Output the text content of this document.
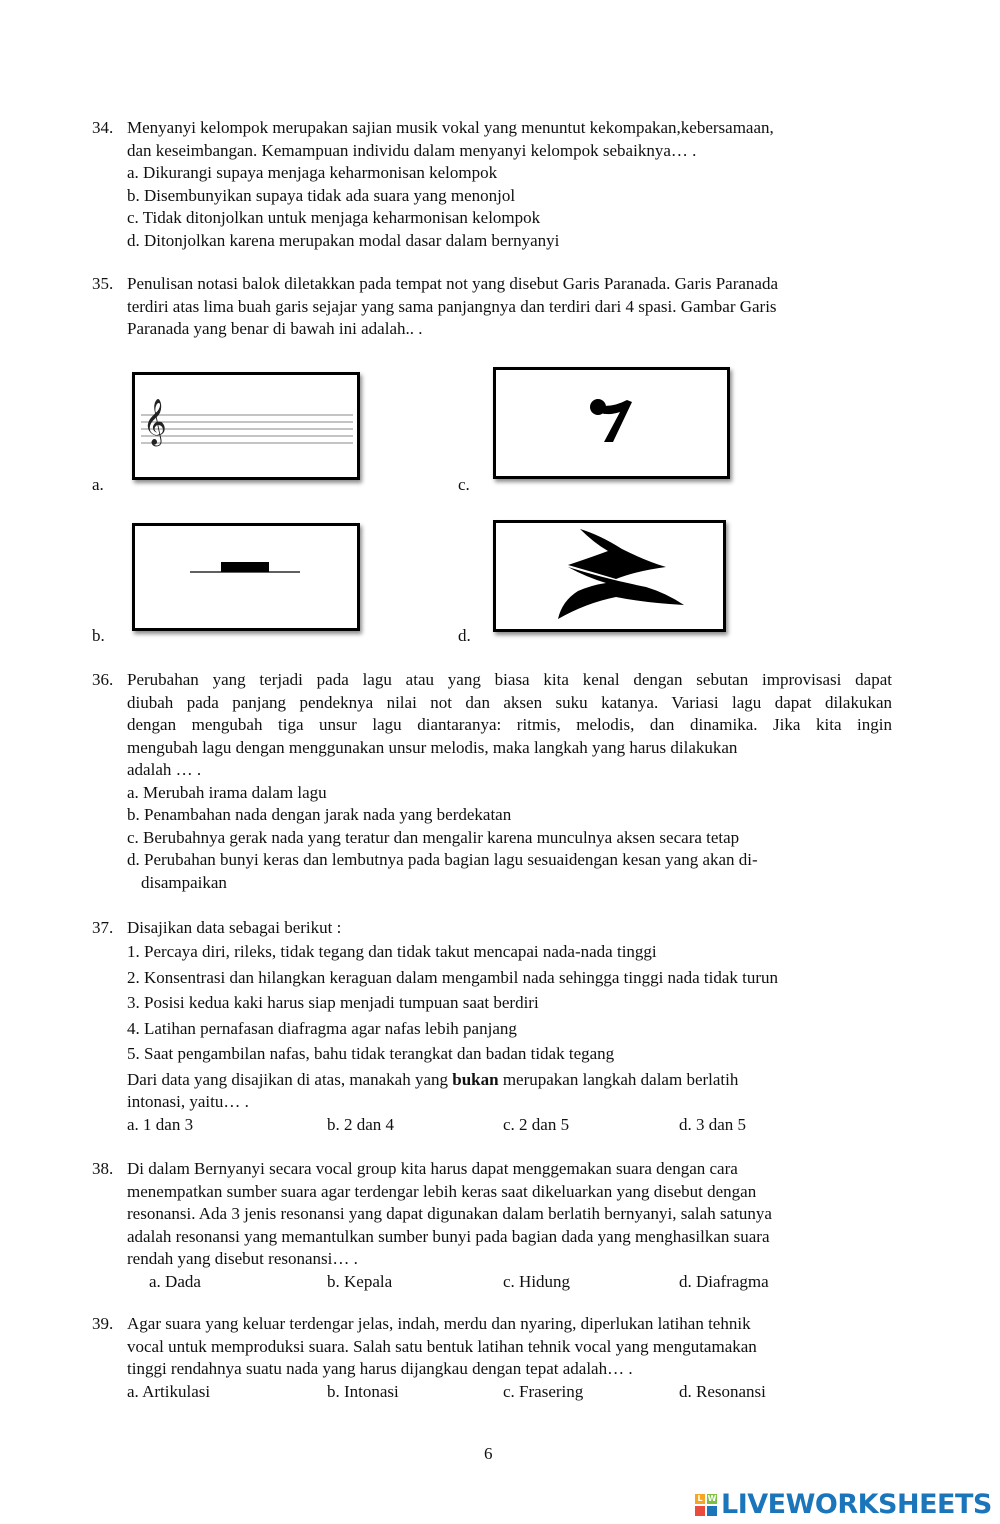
34. Menyanyi kelompok merupakan sajian musik vokal yang menuntut kekompakan,kebersamaan,
dan keseimbangan. Kemampuan individu dalam menyanyi kelompok sebaiknya… .
a. Dikurangi supaya menjaga keharmonisan kelompok
b. Disembunyikan supaya tidak ada suara yang menonjol
c. Tidak ditonjolkan untuk menjaga keharmonisan kelompok
d. Ditonjolkan karena merupakan modal dasar dalam bernyanyi
35. Penulisan notasi balok diletakkan pada tempat not yang disebut Garis Paranada. Garis Paranada
terdiri atas lima buah garis sejajar yang sama panjangnya dan terdiri dari 4 spasi. Gambar Garis
Paranada yang benar di bawah ini adalah.. .
a.
𝄞
b.
c.
d.
36. Perubahan yang terjadi pada lagu atau yang biasa kita kenal dengan sebutan improvisasi dapat
diubah pada panjang pendeknya nilai not dan aksen suku katanya. Variasi lagu dapat dilakukan
dengan mengubah tiga unsur lagu diantaranya: ritmis, melodis, dan dinamika. Jika kita ingin
mengubah lagu dengan menggunakan unsur melodis, maka langkah yang harus dilakukan
adalah … .
a. Merubah irama dalam lagu
b. Penambahan nada dengan jarak nada yang berdekatan
c. Berubahnya gerak nada yang teratur dan mengalir karena munculnya aksen secara tetap
d. Perubahan bunyi keras dan lembutnya pada bagian lagu sesuaidengan kesan yang akan di-
disampaikan
37. Disajikan data sebagai berikut :
1. Percaya diri, rileks, tidak tegang dan tidak takut mencapai nada-nada tinggi
2. Konsentrasi dan hilangkan keraguan dalam mengambil nada sehingga tinggi nada tidak turun
3. Posisi kedua kaki harus siap menjadi tumpuan saat berdiri
4. Latihan pernafasan diafragma agar nafas lebih panjang
5. Saat pengambilan nafas, bahu tidak terangkat dan badan tidak tegang
Dari data yang disajikan di atas, manakah yang bukan merupakan langkah dalam berlatih
intonasi, yaitu… .
a. 1 dan 3	b. 2 dan 4	c. 2 dan 5	d. 3 dan 5
38. Di dalam Bernyanyi secara vocal group kita harus dapat menggemakan suara dengan cara
menempatkan sumber suara agar terdengar lebih keras saat dikeluarkan yang disebut dengan
resonansi. Ada 3 jenis resonansi yang dapat digunakan dalam berlatih bernyanyi, salah satunya
adalah resonansi yang memantulkan sumber bunyi pada bagian dada yang menghasilkan suara
rendah yang disebut resonansi… .
a. Dada	b. Kepala	c. Hidung	d. Diafragma
39. Agar suara yang keluar terdengar jelas, indah, merdu dan nyaring, diperlukan latihan tehnik
vocal untuk memproduksi suara. Salah satu bentuk latihan tehnik vocal yang mengutamakan
tinggi rendahnya suatu nada yang harus dijangkau dengan tepat adalah… .
a. Artikulasi	b. Intonasi	c. Frasering	d. Resonansi
6
L W LIVEWORKSHEETS
